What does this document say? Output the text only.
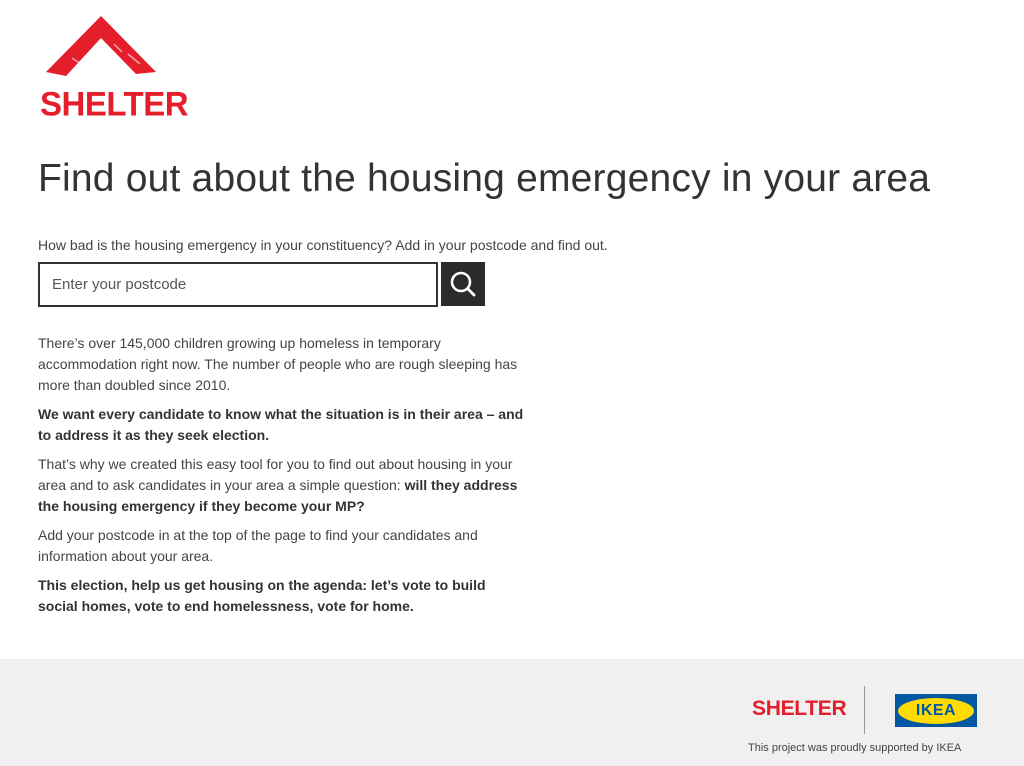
SHELTER
Find out about the housing emergency in your area

How bad is the housing emergency in your constituency? Add in your postcode and find out.

Enter your postcode

There’s over 145,000 children growing up homeless in temporary accommodation right now. The number of people who are rough sleeping has more than doubled since 2010.

We want every candidate to know what the situation is in their area – and to address it as they seek election.

That’s why we created this easy tool for you to find out about housing in your area and to ask candidates in your area a simple question: will they address the housing emergency if they become your MP?

Add your postcode in at the top of the page to find your candidates and information about your area.

This election, help us get housing on the agenda: let’s vote to build social homes, vote to end homelessness, vote for home.

SHELTER	IKEA
This project was proudly supported by IKEA
